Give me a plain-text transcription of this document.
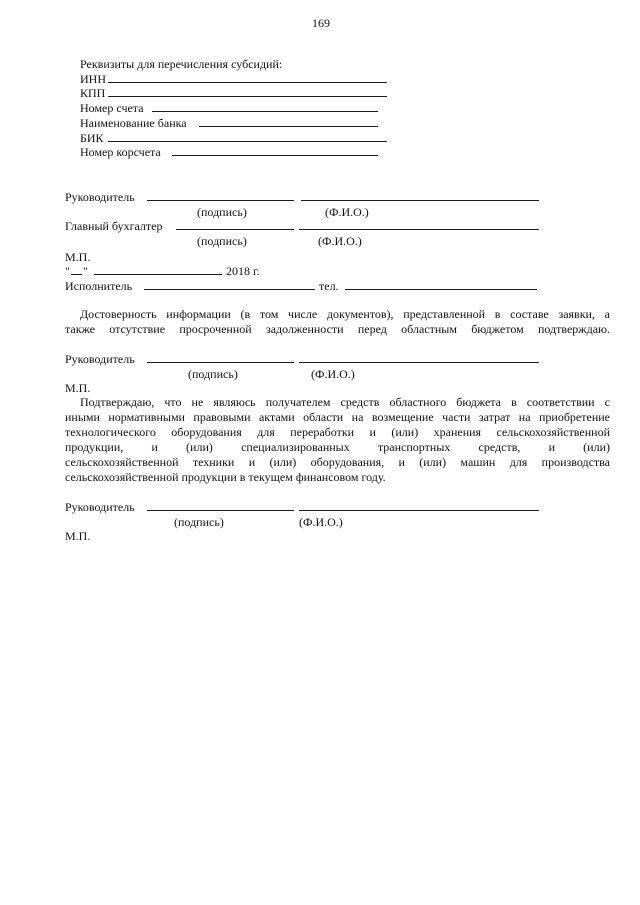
169
Реквизиты для перечисления субсидий:
ИНН
КПП
Номер счета
Наименование банка
БИК
Номер корсчета
Руководитель
(подпись)	(Ф.И.О.)
Главный бухгалтер
(подпись)	(Ф.И.О.)
М.П.
" "	2018 г.
Исполнитель	тел.
Достоверность информации (в том числе документов), представленной в составе заявки, а
также отсутствие просроченной задолженности перед областным бюджетом подтверждаю.
Руководитель
(подпись)	(Ф.И.О.)
М.П.
Подтверждаю, что не являюсь получателем средств областного бюджета в соответствии с
иными нормативными правовыми актами области на возмещение части затрат на приобретение
технологического оборудования для переработки и (или) хранения сельскохозяйственной
продукции, и (или) специализированных транспортных средств, и (или)
сельскохозяйственной техники и (или) оборудования, и (или) машин для производства
сельскохозяйственной продукции в текущем финансовом году.
Руководитель
(подпись)	(Ф.И.О.)
М.П.
